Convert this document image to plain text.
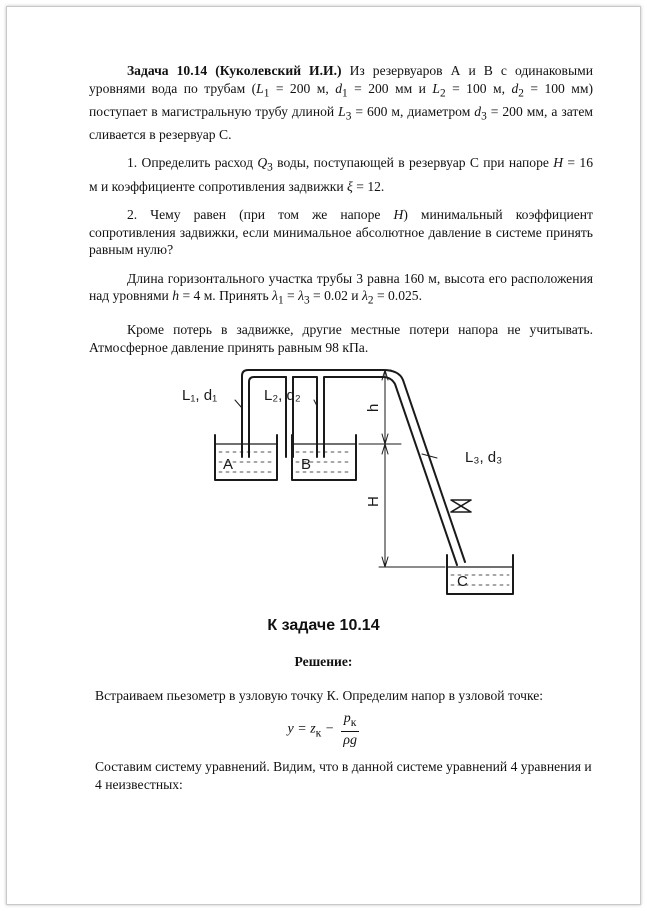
Задача 10.14 (Куколевский И.И.) Из резервуаров А и B с одинаковыми уровнями вода по трубам ($L_1 = 200$ м, $d_1 = 200$ мм и $L_2 = 100$ м, $d_2 = 100$ мм) поступает в магистральную трубу длиной $L_3 = 600$ м, диаметром $d_3 = 200$ мм, а затем сливается в резервуар С.

1. Определить расход $Q_3$ воды, поступающей в резервуар С при напоре H = 16 м и коэффициенте сопротивления задвижки ξ = 12.

2. Чему равен (при том же напоре H) минимальный коэффициент сопротивления задвижки, если минимальное абсолютное давление в системе принять равным нулю?

Длина горизонтального участка трубы 3 равна 160 м, высота его расположения над уровнями h = 4 м. Принять $\lambda_1 = \lambda_3 = 0.02$ и $\lambda_2 = 0.025$.

Кроме потерь в задвижке, другие местные потери напора не учитывать. Атмосферное давление принять равным 98 кПа.

L₁, d₁	L₂, d₂
L₃, d₃
A	B
C
h
H
К задаче 10.14
Решение:
Встраиваем пьезометр в узловую точку К. Определим напор в узловой точке:
$y = z_к - \frac{p_к}{\rho g}$
Составим систему уравнений. Видим, что в данной системе уравнений 4 уравнения и 4 неизвестных:
